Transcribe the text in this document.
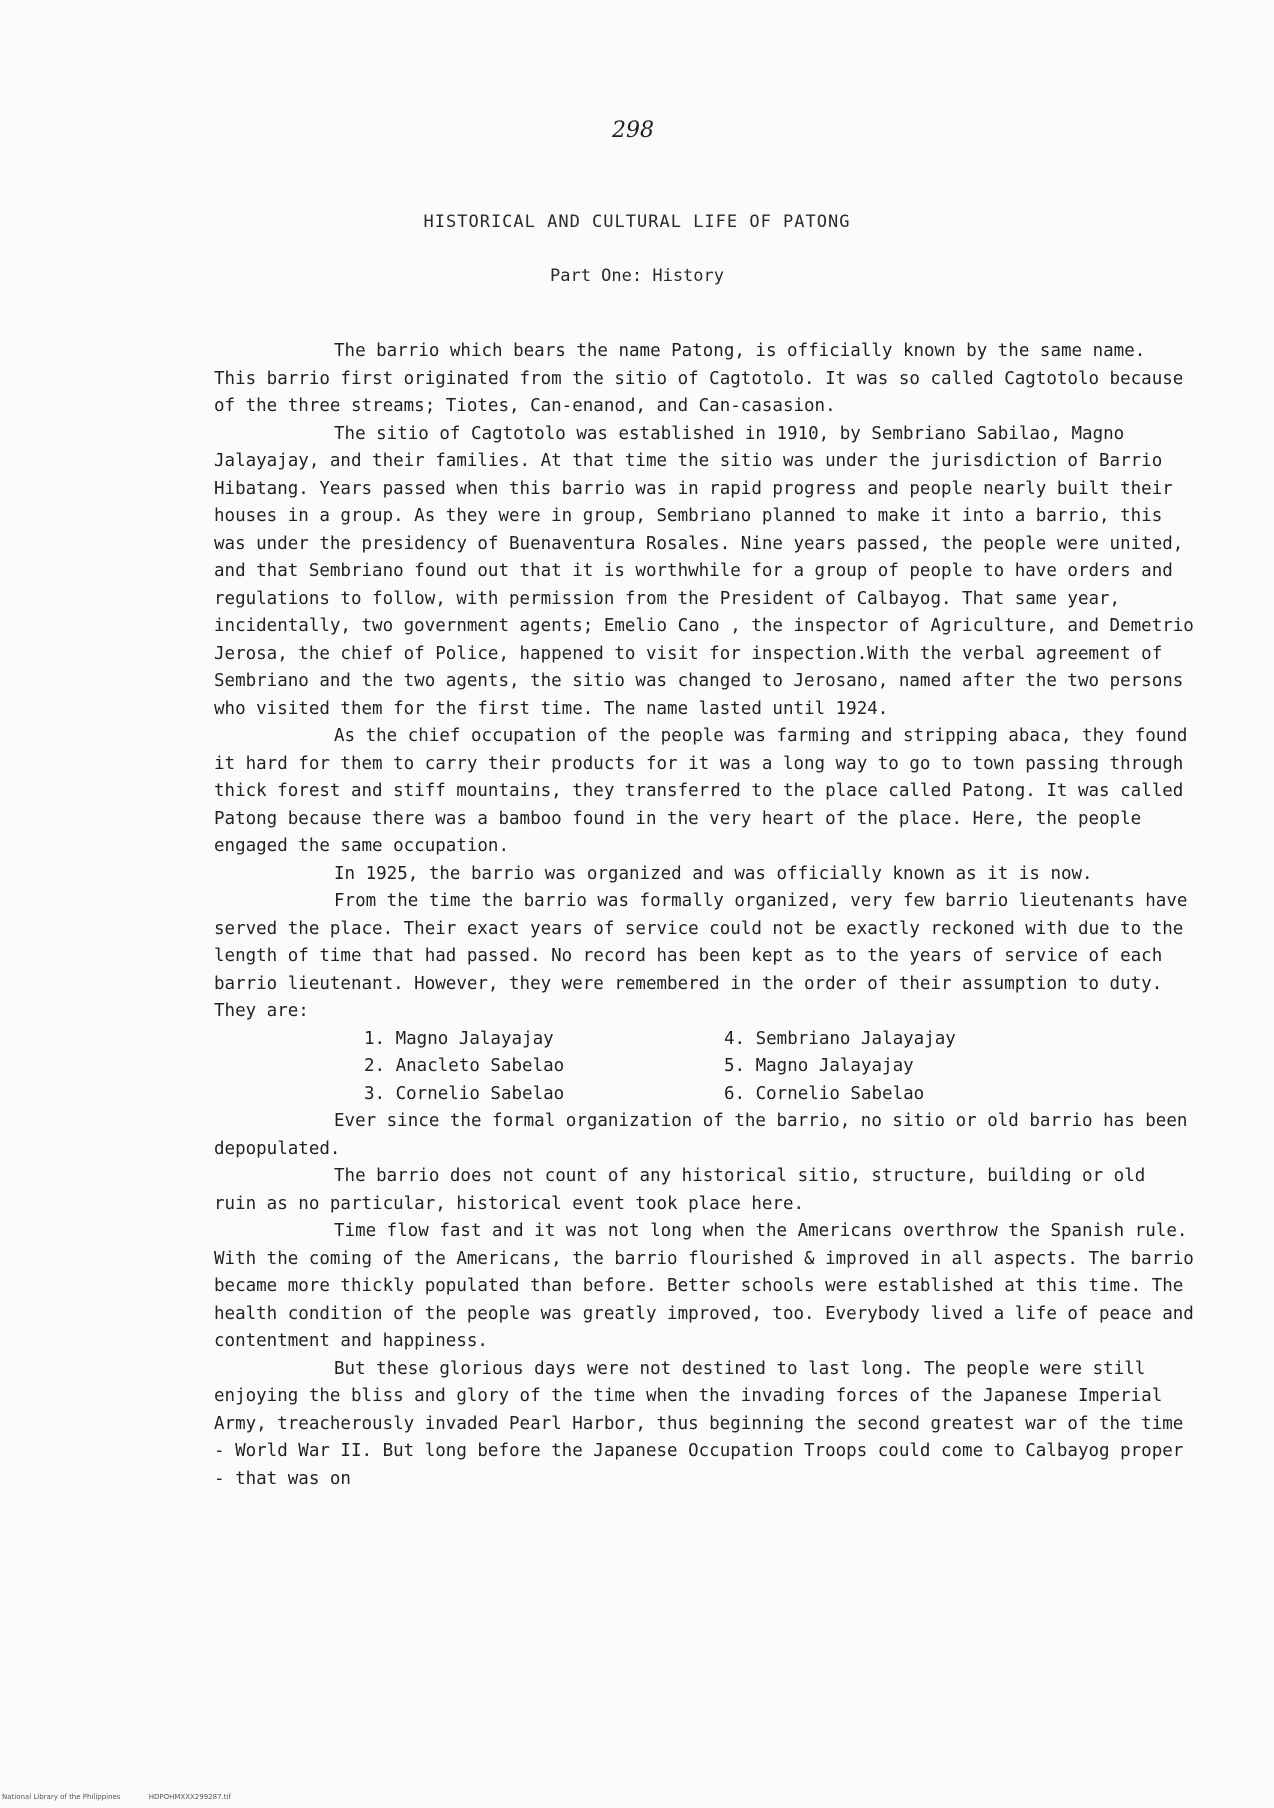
298
HISTORICAL AND CULTURAL LIFE OF PATONG
Part One: History

The barrio which bears the name Patong, is officially known by the same name. This barrio first originated from the sitio of Cagtotolo. It was so called Cagtotolo because of the three streams; Tiotes, Can-enanod, and Can-casasion.

The sitio of Cagtotolo was established in 1910, by Sembriano Sabilao, Magno Jalayajay, and their families. At that time the sitio was under the jurisdiction of Barrio Hibatang. Years passed when this barrio was in rapid progress and people nearly built their houses in a group. As they were in group, Sembriano planned to make it into a barrio, this was under the presidency of Buenaventura Rosales. Nine years passed, the people were united, and that Sembriano found out that it is worthwhile for a group of people to have orders and regulations to follow, with permission from the President of Calbayog. That same year, incidentally, two government agents; Emelio Cano , the inspector of Agriculture, and Demetrio Jerosa, the chief of Police, happened to visit for inspection.With the verbal agreement of Sembriano and the two agents, the sitio was changed to Jerosano, named after the two persons who visited them for the first time. The name lasted until 1924.

As the chief occupation of the people was farming and stripping abaca, they found it hard for them to carry their products for it was a long way to go to town passing through thick forest and stiff mountains, they transferred to the place called Patong. It was called Patong because there was a bamboo found in the very heart of the place. Here, the people engaged the same occupation.

In 1925, the barrio was organized and was officially known as it is now.

From the time the barrio was formally organized, very few barrio lieutenants have served the place. Their exact years of service could not be exactly reckoned with due to the length of time that had passed. No record has been kept as to the years of service of each barrio lieutenant. However, they were remembered in the order of their assumption to duty. They are:

1. Magno Jalayajay	4. Sembriano Jalayajay
2. Anacleto Sabelao	5. Magno Jalayajay
3. Cornelio Sabelao	6. Cornelio Sabelao

Ever since the formal organization of the barrio, no sitio or old barrio has been depopulated.

The barrio does not count of any historical sitio, structure, building or old ruin as no particular, historical event took place here.

Time flow fast and it was not long when the Americans overthrow the Spanish rule. With the coming of the Americans, the barrio flourished & improved in all aspects. The barrio became more thickly populated than before. Better schools were established at this time. The health condition of the people was greatly improved, too. Everybody lived a life of peace and contentment and happiness.

But these glorious days were not destined to last long. The people were still enjoying the bliss and glory of the time when the invading forces of the Japanese Imperial Army, treacherously invaded Pearl Harbor, thus beginning the second greatest war of the time - World War II. But long before the Japanese Occupation Troops could come to Calbayog proper - that was on

National Library of the Philippines	HDPOHMXXX299287.tif
